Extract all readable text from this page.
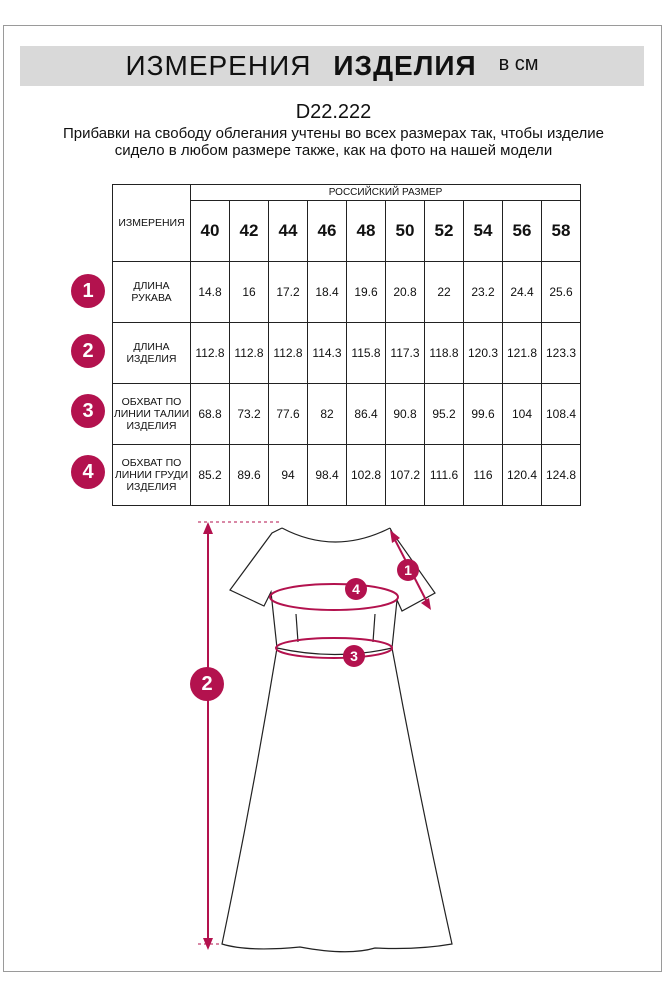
ИЗМЕРЕНИЯ ИЗДЕЛИЯ в см
D22.222
Прибавки на свободу облегания учтены во всех размерах так, чтобы изделие сидело в любом размере также, как на фото на нашей модели
ИЗМЕРЕНИЯ	РОССИЙСКИЙ РАЗМЕР									
	40	42	44	46	48	50	52	54	56	58
ДЛИНА РУКАВА	14.8	16	17.2	18.4	19.6	20.8	22	23.2	24.4	25.6
ДЛИНА ИЗДЕЛИЯ	112.8	112.8	112.8	114.3	115.8	117.3	118.8	120.3	121.8	123.3
ОБХВАТ ПО ЛИНИИ ТАЛИИ ИЗДЕЛИЯ	68.8	73.2	77.6	82	86.4	90.8	95.2	99.6	104	108.4
ОБХВАТ ПО ЛИНИИ ГРУДИ ИЗДЕЛИЯ	85.2	89.6	94	98.4	102.8	107.2	111.6	116	120.4	124.8
1
2
3
4
2
1
4
3
